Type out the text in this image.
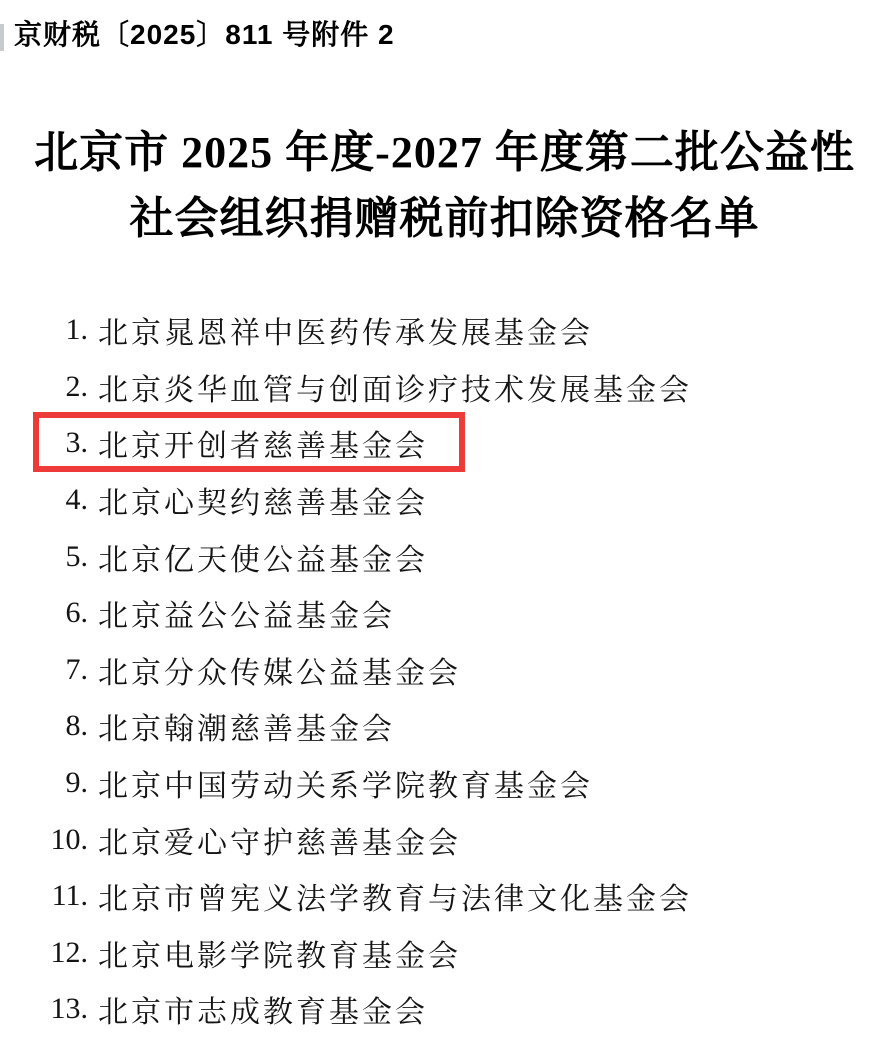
京财税〔2025〕811 号附件 2
北京市 2025 年度-2027 年度第二批公益性
社会组织捐赠税前扣除资格名单
1. 北京晁恩祥中医药传承发展基金会
2. 北京炎华血管与创面诊疗技术发展基金会
3. 北京开创者慈善基金会
4. 北京心契约慈善基金会
5. 北京亿天使公益基金会
6. 北京益公公益基金会
7. 北京分众传媒公益基金会
8. 北京翰潮慈善基金会
9. 北京中国劳动关系学院教育基金会
10. 北京爱心守护慈善基金会
11. 北京市曾宪义法学教育与法律文化基金会
12. 北京电影学院教育基金会
13. 北京市志成教育基金会
